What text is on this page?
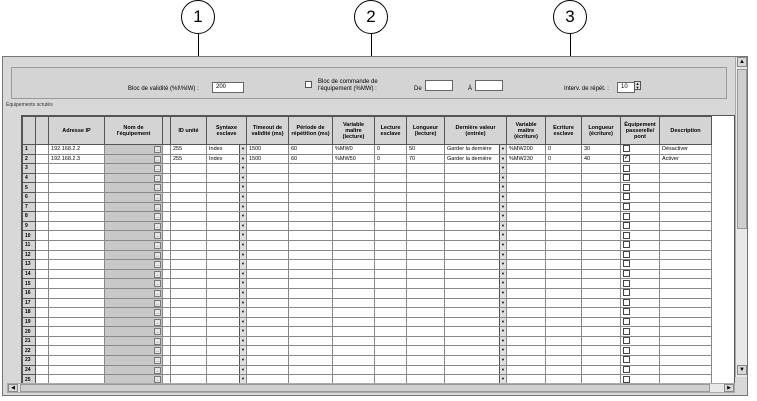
1	2	3
Bloc de validité (%I\%IW) :	200
Bloc de commande de
l'équipement (%MW) :	De	À	Interv. de répét. :	10
▲
▼
Équipements scrutés
		Adresse IP	Nom de l'équipement		ID unité	Syntaxe esclave	Timeout de validité (ms)	Période de répétition (ms)	Variable maître (lecture)	Lecture esclave	Longueur (lecture)	Dernière valeur (entrée)	Variable maître (écriture)	Ecriture esclave	Longueur (écriture)	Équipement passerelle/ pont	Description
1		192.168.2.2	…		255	Index ▼	1500	60	%MW0	0	50	Garder la dernière ▼	%MW200	0	30		Désactiver
2		192.168.2.3	…		255	Index ▼	1500	60	%MW50	0	70	Garder la dernière ▼	%MW230	0	40	✓	Activer
3			…			▼						▼					

4			…			▼						▼					

5			…			▼						▼					

6			…			▼						▼					

7			…			▼						▼					

8			…			▼						▼					

9			…			▼						▼					

10			…			▼						▼					

11			…			▼						▼					

12			…			▼						▼					

13			…			▼						▼					

14			…			▼						▼					

15			…			▼						▼					

16			…			▼						▼					

17			…			▼						▼					

18			…			▼						▼					

19			…			▼						▼					

20			…			▼						▼					

21			…			▼						▼					

22			…			▼						▼					

23			…			▼						▼					

24			…			▼						▼					

25			…			▼						▼					

▲
▼
◀	▶
